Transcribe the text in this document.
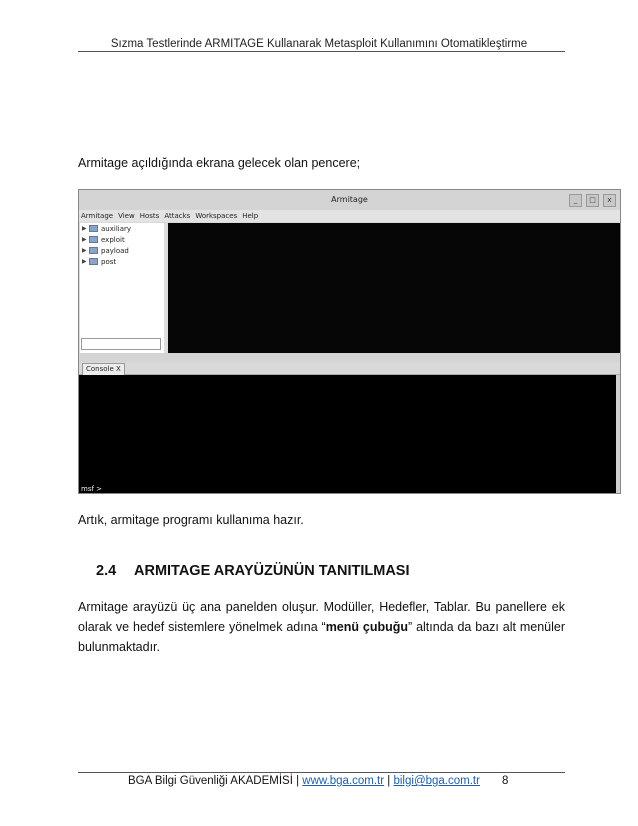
Sızma Testlerinde ARMITAGE Kullanarak Metasploit Kullanımını Otomatikleştirme
Armitage açıldığında ekrana gelecek olan pencere;
Armitage	_	□	x
Armitage View Hosts Attacks Workspaces Help
▶	auxiliary
▶	exploit
▶	payload
▶	post
Console X
msf >
Artık, armitage programı kullanıma hazır.
2.4	ARMITAGE ARAYÜZÜNÜN TANITILMASI
Armitage arayüzü üç ana panelden oluşur. Modüller, Hedefler, Tablar. Bu panellere ek olarak ve hedef sistemlere yönelmek adına “menü çubuğu” altında da bazı alt menüler bulunmaktadır.
BGA Bilgi Güvenliği AKADEMİSİ | www.bga.com.tr | bilgi@bga.com.tr 8
